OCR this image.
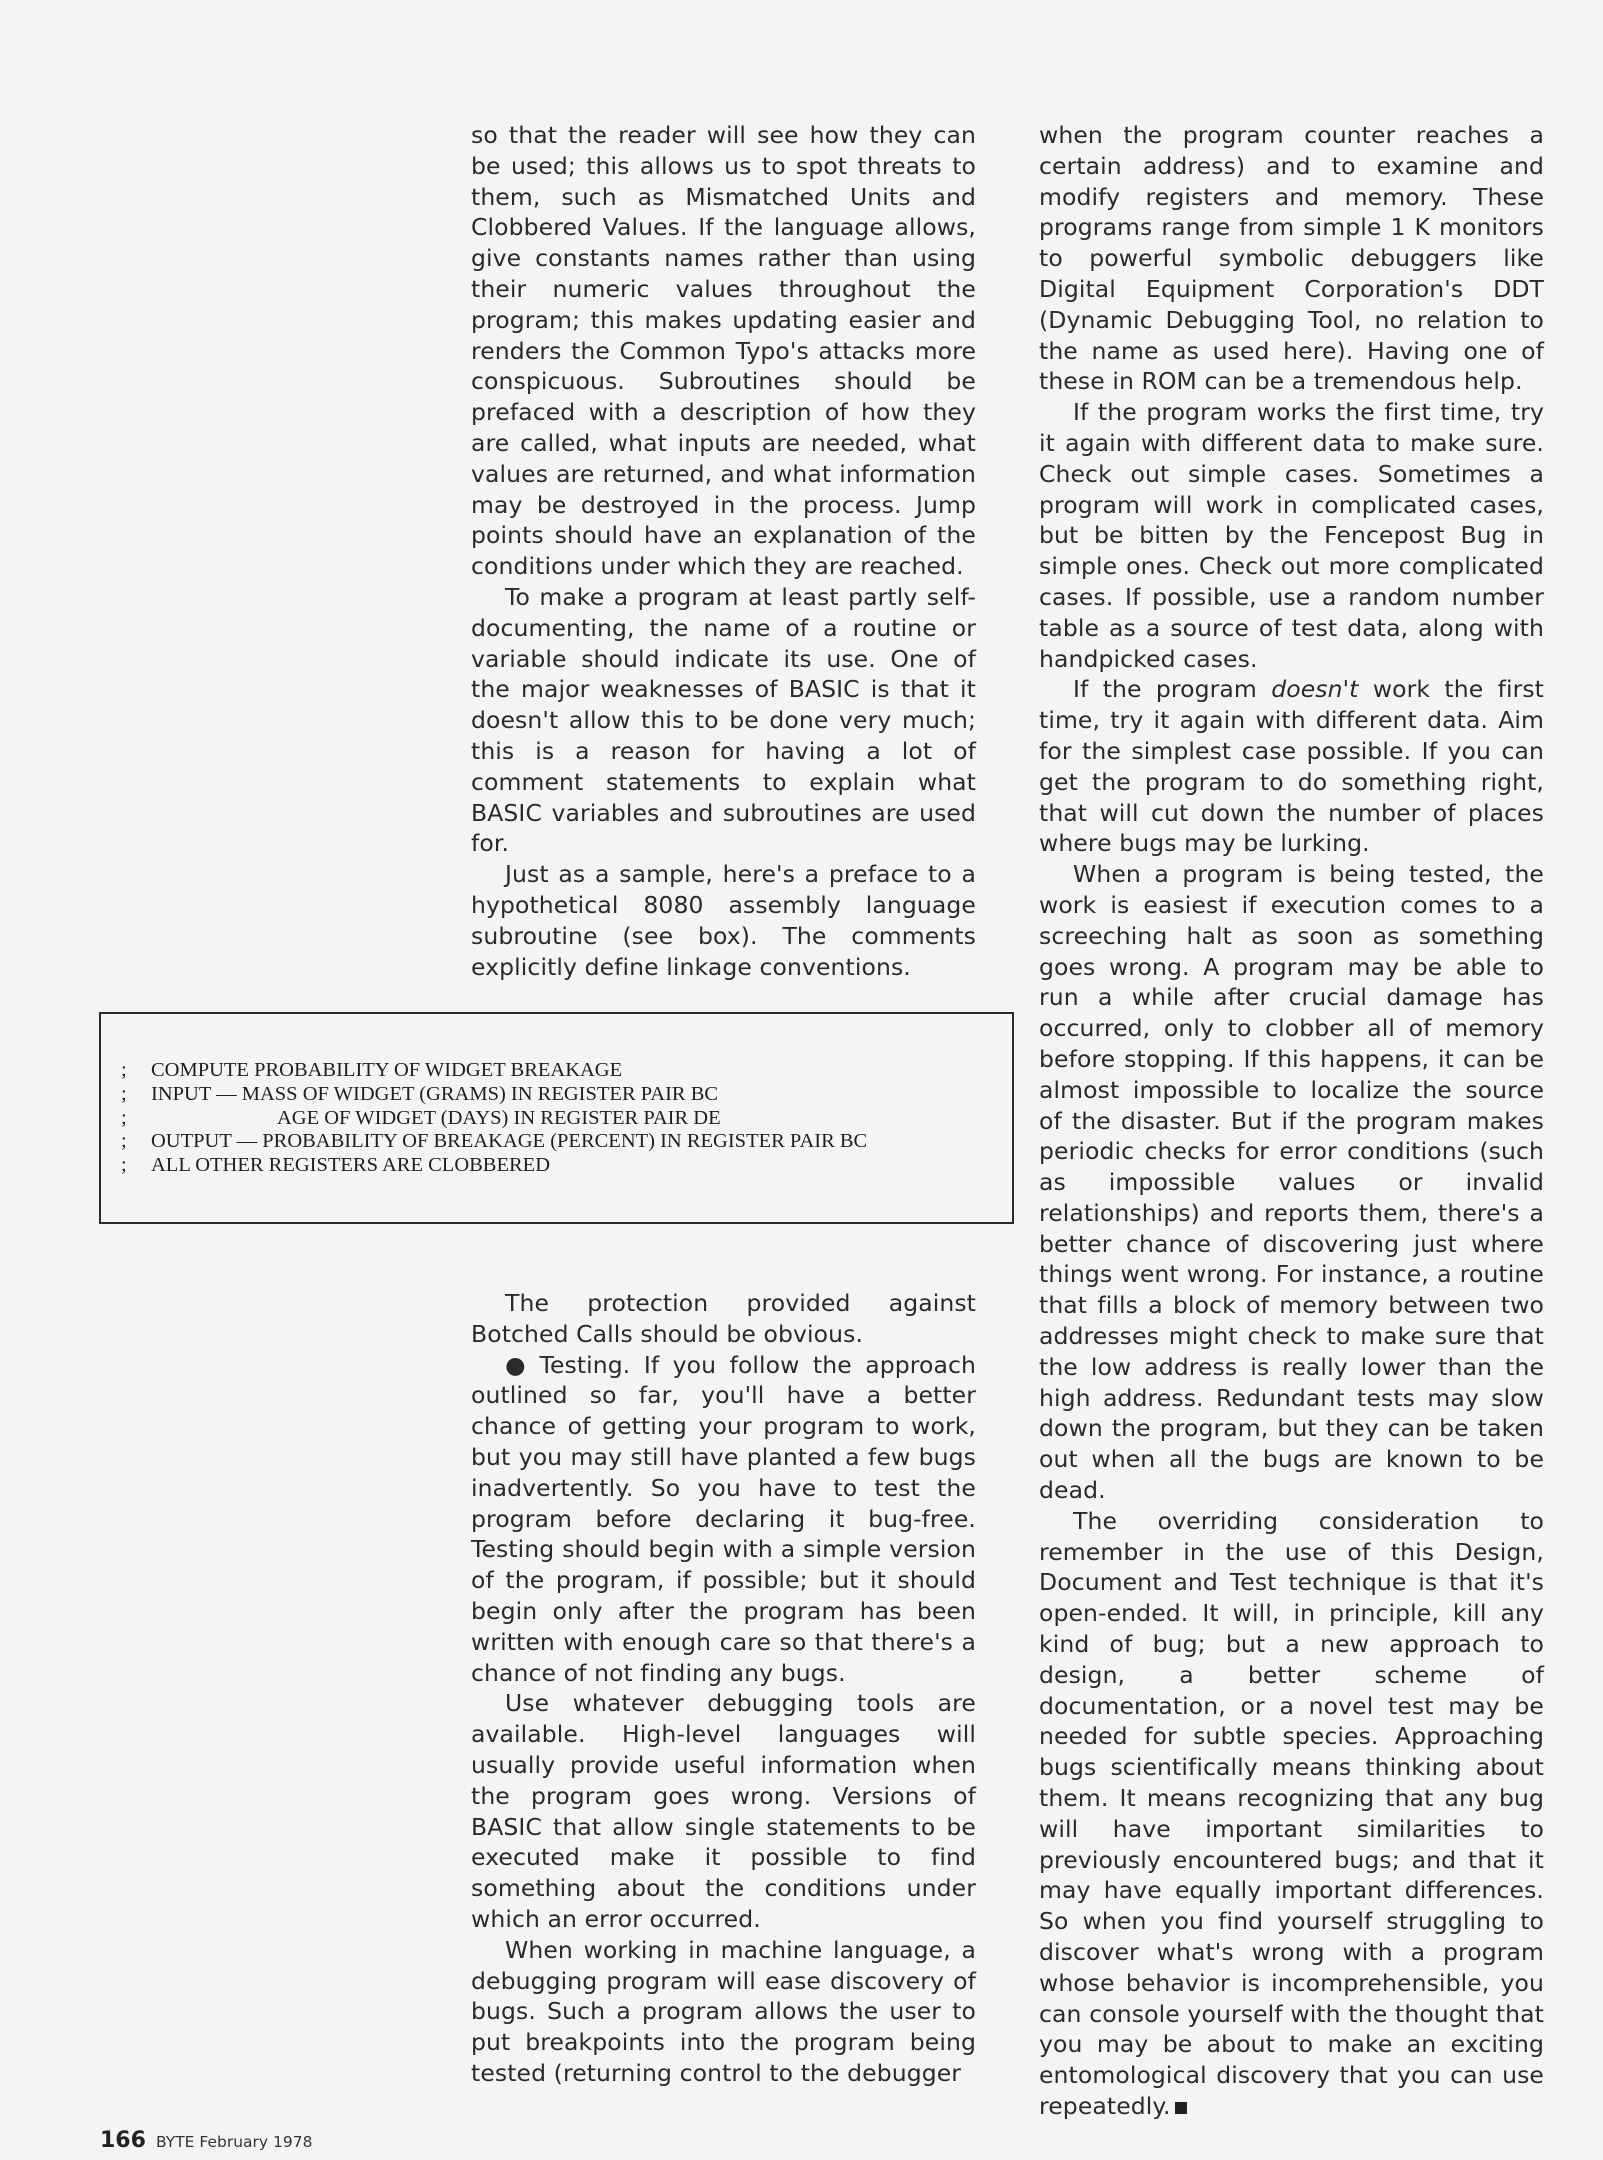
so that the reader will see how they can be used; this allows us to spot threats to them, such as Mismatched Units and Clobbered Values. If the language allows, give constants names rather than using their numeric values throughout the program; this makes updating easier and renders the Common Typo's attacks more conspicuous. Subroutines should be prefaced with a description of how they are called, what inputs are needed, what values are returned, and what information may be destroyed in the process. Jump points should have an explanation of the conditions under which they are reached.

To make a program at least partly self-documenting, the name of a routine or variable should indicate its use. One of the major weaknesses of BASIC is that it doesn't allow this to be done very much; this is a reason for having a lot of comment statements to explain what BASIC variables and subroutines are used for.

Just as a sample, here's a preface to a hypothetical 8080 assembly language subroutine (see box). The comments explicitly define linkage conventions.

; COMPUTE PROBABILITY OF WIDGET BREAKAGE
; INPUT — MASS OF WIDGET (GRAMS) IN REGISTER PAIR BC
;	AGE OF WIDGET (DAYS) IN REGISTER PAIR DE
; OUTPUT — PROBABILITY OF BREAKAGE (PERCENT) IN REGISTER PAIR BC
; ALL OTHER REGISTERS ARE CLOBBERED

The protection provided against Botched Calls should be obvious.

● Testing. If you follow the approach outlined so far, you'll have a better chance of getting your program to work, but you may still have planted a few bugs inadvertently. So you have to test the program before declaring it bug-free. Testing should begin with a simple version of the program, if possible; but it should begin only after the program has been written with enough care so that there's a chance of not finding any bugs.

Use whatever debugging tools are available. High-level languages will usually provide useful information when the program goes wrong. Versions of BASIC that allow single statements to be executed make it possible to find something about the conditions under which an error occurred.

When working in machine language, a debugging program will ease discovery of bugs. Such a program allows the user to put breakpoints into the program being tested (returning control to the debugger

when the program counter reaches a certain address) and to examine and modify registers and memory. These programs range from simple 1 K monitors to powerful symbolic debuggers like Digital Equipment Corporation's DDT (Dynamic Debugging Tool, no relation to the name as used here). Having one of these in ROM can be a tremendous help.

If the program works the first time, try it again with different data to make sure. Check out simple cases. Sometimes a program will work in complicated cases, but be bitten by the Fencepost Bug in simple ones. Check out more complicated cases. If possible, use a random number table as a source of test data, along with handpicked cases.

If the program doesn't work the first time, try it again with different data. Aim for the simplest case possible. If you can get the program to do something right, that will cut down the number of places where bugs may be lurking.

When a program is being tested, the work is easiest if execution comes to a screeching halt as soon as something goes wrong. A program may be able to run a while after crucial damage has occurred, only to clobber all of memory before stopping. If this happens, it can be almost impossible to localize the source of the disaster. But if the program makes periodic checks for error conditions (such as impossible values or invalid relationships) and reports them, there's a better chance of discovering just where things went wrong. For instance, a routine that fills a block of memory between two addresses might check to make sure that the low address is really lower than the high address. Redundant tests may slow down the program, but they can be taken out when all the bugs are known to be dead.

The overriding consideration to remember in the use of this Design, Document and Test technique is that it's open-ended. It will, in principle, kill any kind of bug; but a new approach to design, a better scheme of documentation, or a novel test may be needed for subtle species. Approaching bugs scientifically means thinking about them. It means recognizing that any bug will have important similarities to previously encountered bugs; and that it may have equally important differences. So when you find yourself struggling to discover what's wrong with a program whose behavior is incomprehensible, you can console yourself with the thought that you may be about to make an exciting entomological discovery that you can use repeatedly.

166 BYTE February 1978
